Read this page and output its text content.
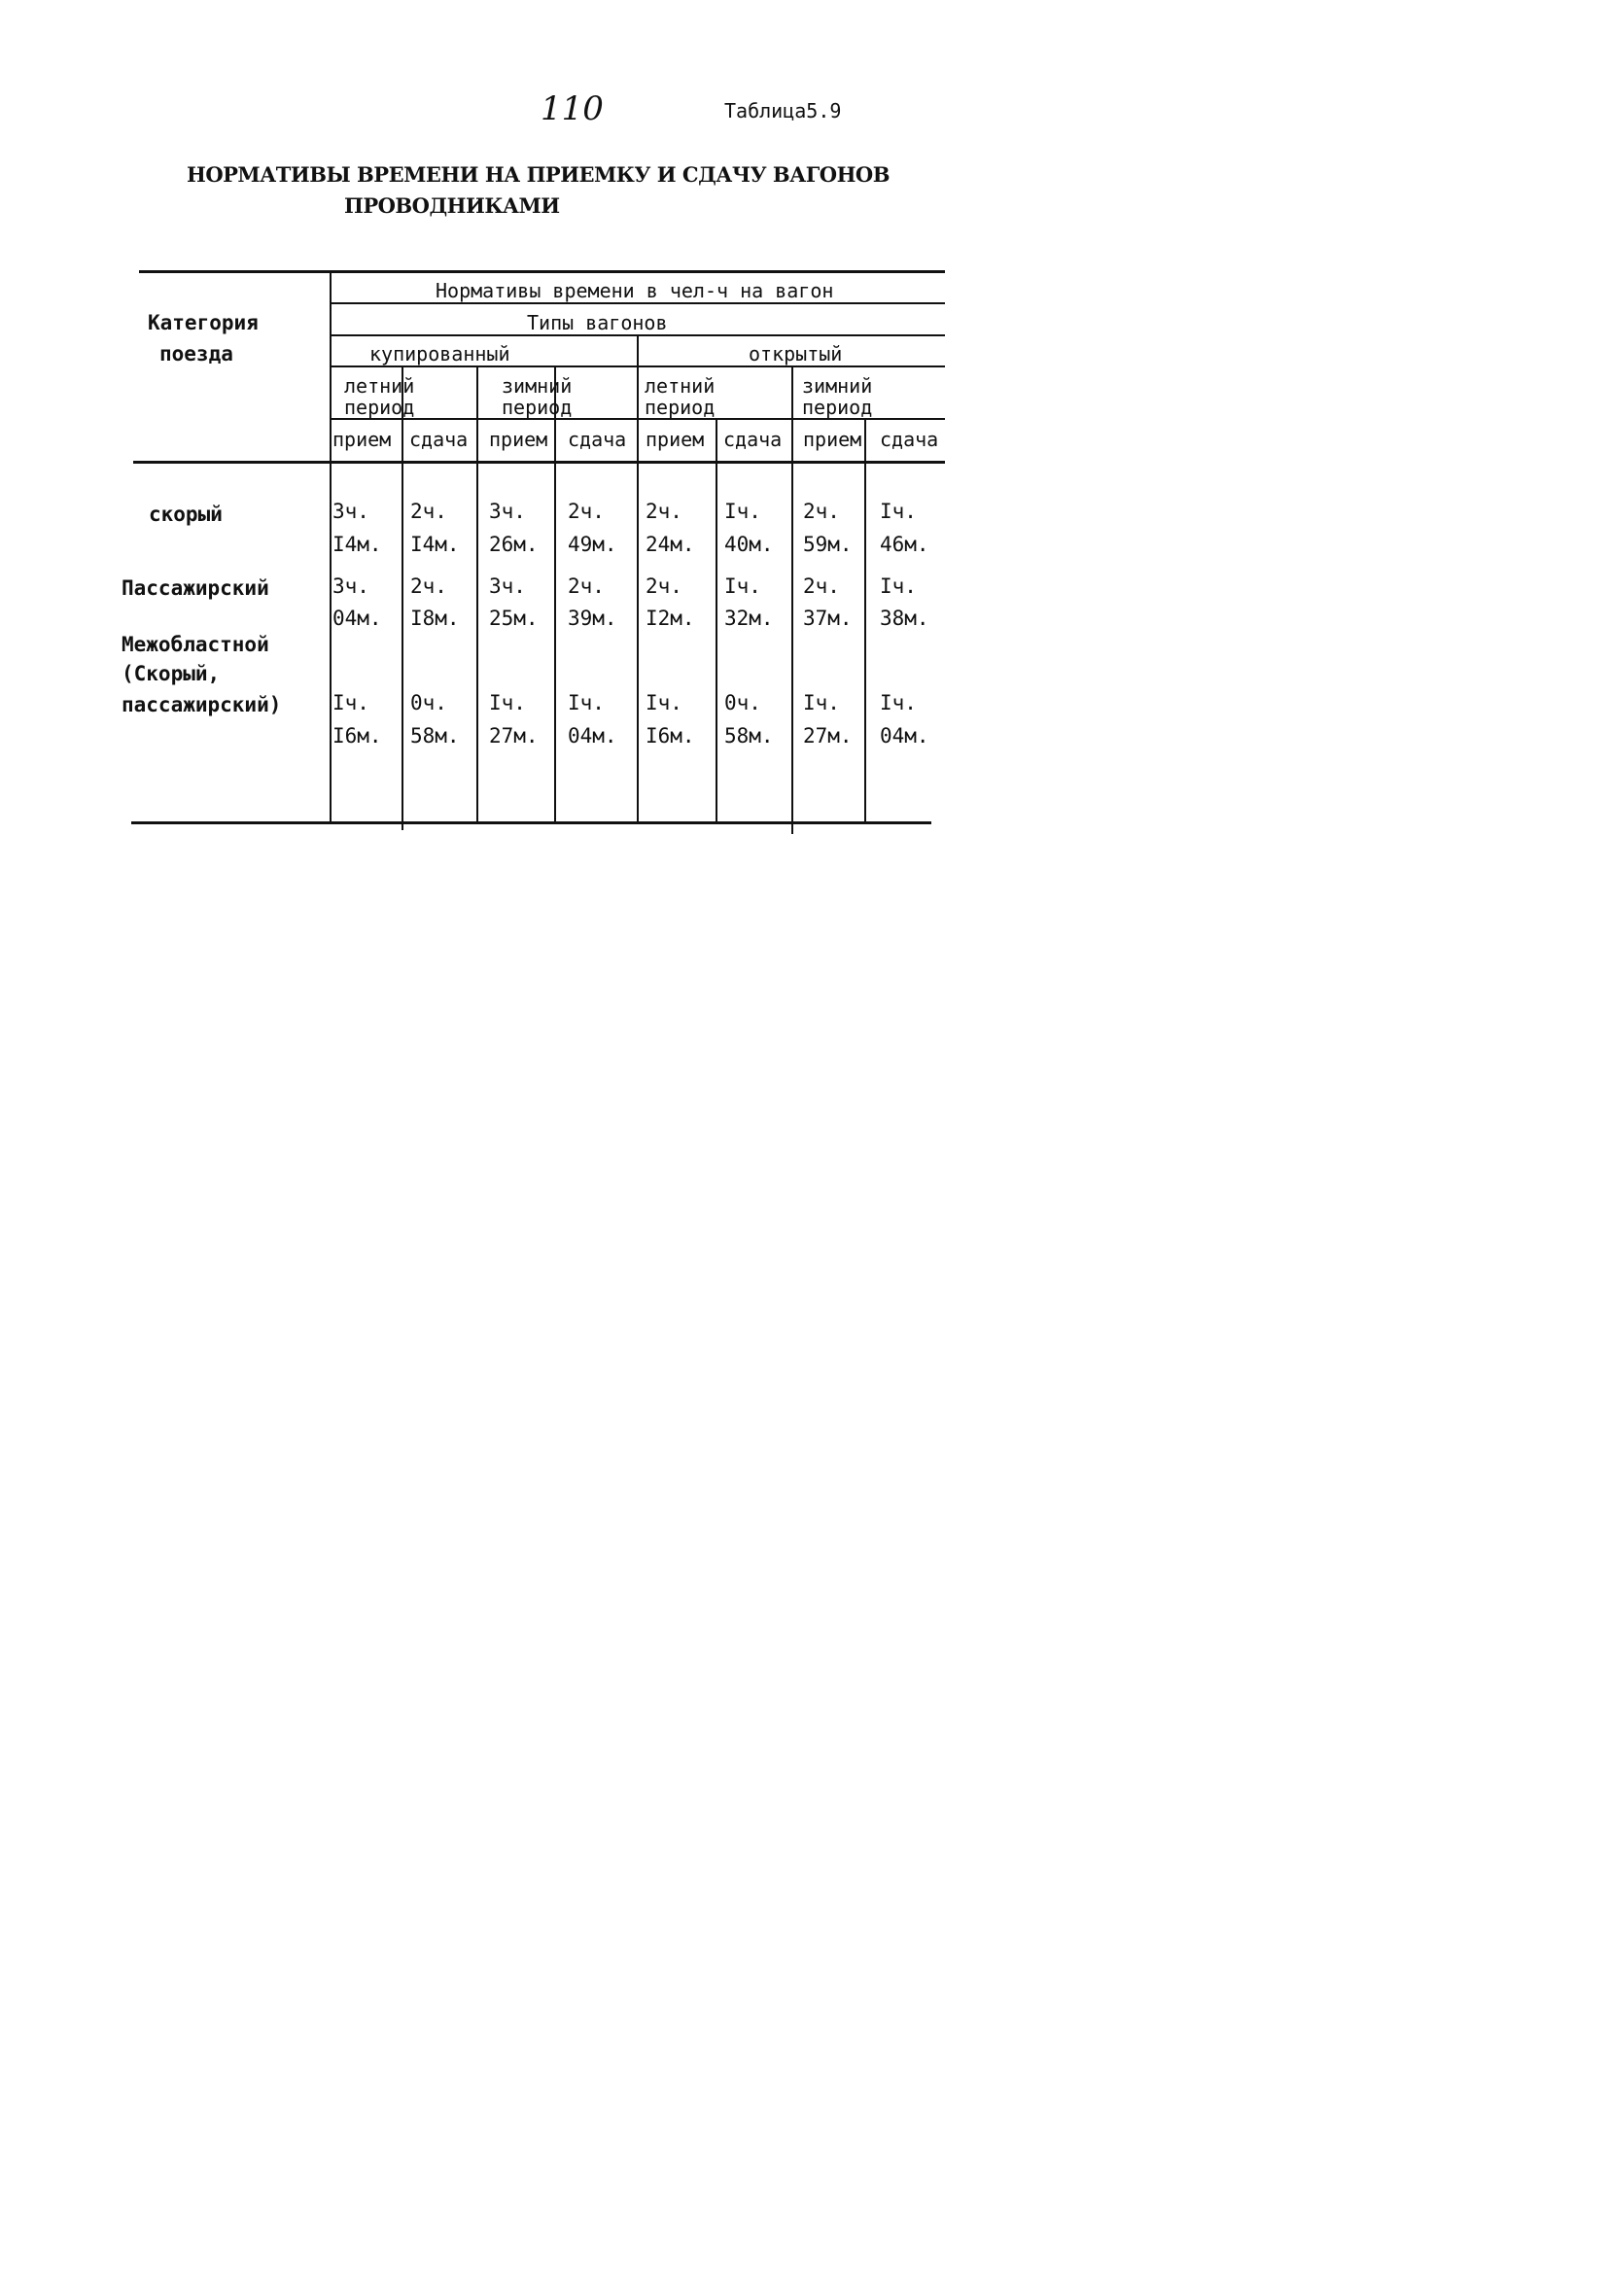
110	Таблица5.9
НОРМАТИВЫ ВРЕМЕНИ НА ПРИЕМКУ И СДАЧУ ВАГОНОВ
ПРОВОДНИКАМИ
Категория
поезда
Нормативы времени в чел-ч на вагон
Типы вагонов
купированный	открытый
летний
период
зимний
период
летний
период
зимний
период
прием сдача прием сдача прием сдача прием сдача
скорый
Пассажирский
Межобластной
(Скорый,
пассажирский)
3ч.
I4м.
2ч.
I4м.
3ч.
26м.
2ч.
49м.
2ч.
24м.
Iч.
40м.
2ч.
59м.
Iч.
46м.
3ч.
04м.
2ч.
I8м.
3ч.
25м.
2ч.
39м.
2ч.
I2м.
Iч.
32м.
2ч.
37м.
Iч.
38м.
Iч.
I6м.
0ч.
58м.
Iч.
27м.
Iч.
04м.
Iч.
I6м.
0ч.
58м.
Iч.
27м.
Iч.
04м.
